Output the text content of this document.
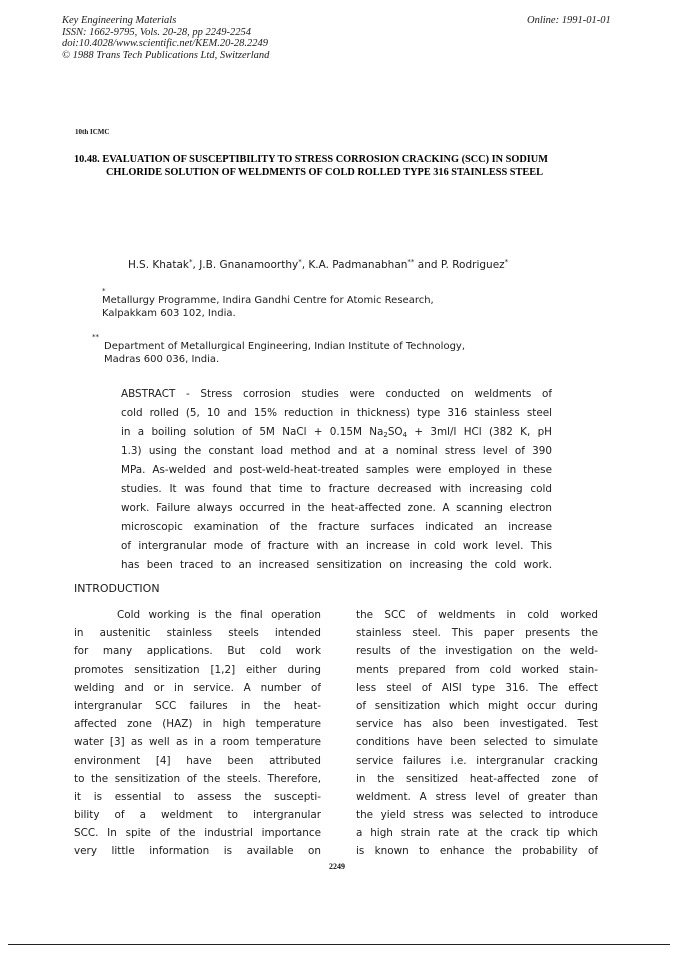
Key Engineering Materials
ISSN: 1662-9795, Vols. 20-28, pp 2249-2254
doi:10.4028/www.scientific.net/KEM.20-28.2249
© 1988 Trans Tech Publications Ltd, Switzerland
Online: 1991-01-01
10th ICMC
10.48. EVALUATION OF SUSCEPTIBILITY TO STRESS CORROSION CRACKING (SCC) IN SODIUM
CHLORIDE SOLUTION OF WELDMENTS OF COLD ROLLED TYPE 316 STAINLESS STEEL
H.S. Khatak*, J.B. Gnanamoorthy*, K.A. Padmanabhan** and P. Rodriguez*
*
Metallurgy Programme, Indira Gandhi Centre for Atomic Research,
Kalpakkam 603 102, India.
**
Department of Metallurgical Engineering, Indian Institute of Technology,
Madras 600 036, India.
ABSTRACT - Stress corrosion studies were conducted on weldments of
cold rolled (5, 10 and 15% reduction in thickness) type 316 stainless steel
in a boiling solution of 5M NaCl + 0.15M $Na_2SO_4 + 3ml/l$ HCl (382 K, pH
1.3) using the constant load method and at a nominal stress level of 390
MPa. As-welded and post-weld-heat-treated samples were employed in these
studies. It was found that time to fracture decreased with increasing cold
work. Failure always occurred in the heat-affected zone. A scanning electron
microscopic examination of the fracture surfaces indicated an increase
of intergranular mode of fracture with an increase in cold work level. This
has been traced to an increased sensitization on increasing the cold work.
INTRODUCTION
Cold working is the final operation
in austenitic stainless steels intended
for many applications. But cold work
promotes sensitization [1,2] either during
welding and or in service. A number of
intergranular SCC failures in the heat-
affected zone (HAZ) in high temperature
water [3] as well as in a room temperature
environment [4] have been attributed
to the sensitization of the steels. Therefore,
it is essential to assess the suscepti-
bility of a weldment to intergranular
SCC. In spite of the industrial importance
very little information is available on
the SCC of weldments in cold worked
stainless steel. This paper presents the
results of the investigation on the weld-
ments prepared from cold worked stain-
less steel of AISI type 316. The effect
of sensitization which might occur during
service has also been investigated. Test
conditions have been selected to simulate
service failures i.e. intergranular cracking
in the sensitized heat-affected zone of
weldment. A stress level of greater than
the yield stress was selected to introduce
a high strain rate at the crack tip which
is known to enhance the probability of
2249
